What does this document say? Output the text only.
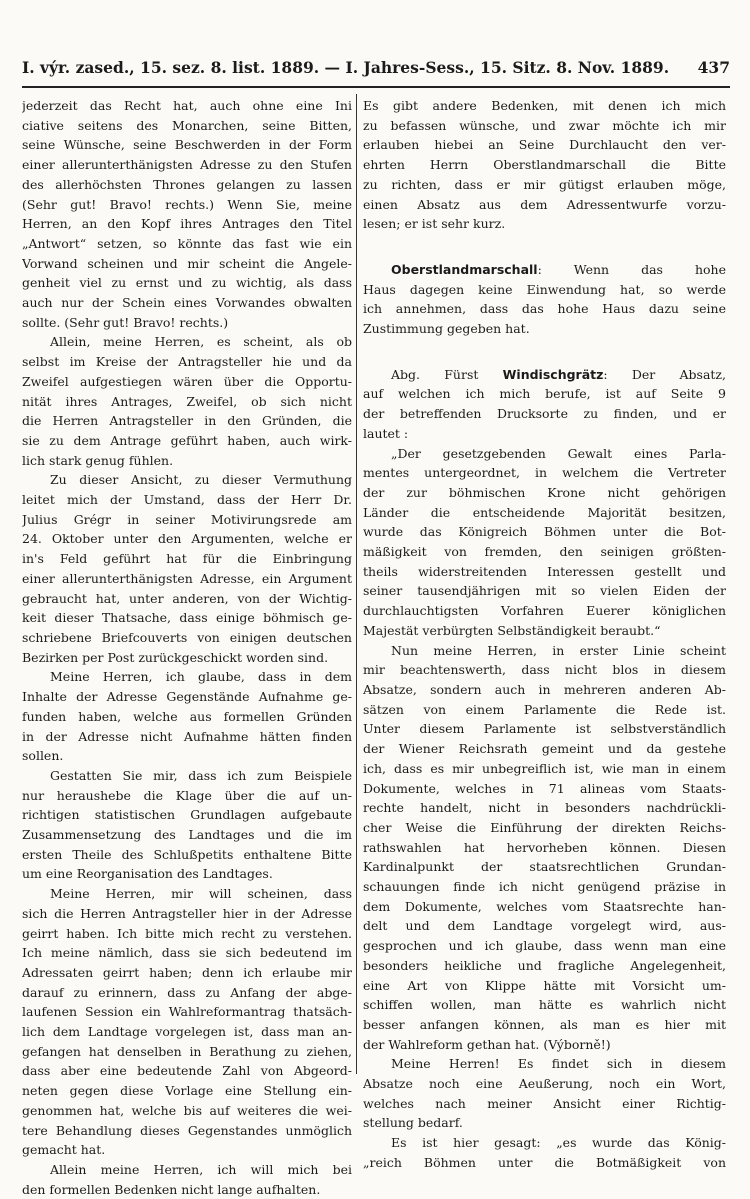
I. výr. zased., 15. sez. 8. list. 1889. — I. Jahres-Sess., 15. Sitz. 8. Nov. 1889. 437
jederzeit das Recht hat, auch ohne eine Ini
ciative seitens des Monarchen, seine Bitten,
seine Wünsche, seine Beschwerden in der Form
einer allerunterthänigsten Adresse zu den Stufen
des allerhöchsten Thrones gelangen zu lassen
(Sehr gut! Bravo! rechts.) Wenn Sie, meine
Herren, an den Kopf ihres Antrages den Titel
„Antwort“ setzen, so könnte das fast wie ein
Vorwand scheinen und mir scheint die Angele-
genheit viel zu ernst und zu wichtig, als dass
auch nur der Schein eines Vorwandes obwalten
sollte. (Sehr gut! Bravo! rechts.)
Allein, meine Herren, es scheint, als ob
selbst im Kreise der Antragsteller hie und da
Zweifel aufgestiegen wären über die Opportu-
nität ihres Antrages, Zweifel, ob sich nicht
die Herren Antragsteller in den Gründen, die
sie zu dem Antrage geführt haben, auch wirk-
lich stark genug fühlen.
Zu dieser Ansicht, zu dieser Vermuthung
leitet mich der Umstand, dass der Herr Dr.
Julius Grégr in seiner Motivirungsrede am
24. Oktober unter den Argumenten, welche er
in's Feld geführt hat für die Einbringung
einer allerunterthänigsten Adresse, ein Argument
gebraucht hat, unter anderen, von der Wichtig-
keit dieser Thatsache, dass einige böhmisch ge-
schriebene Briefcouverts von einigen deutschen
Bezirken per Post zurückgeschickt worden sind.
Meine Herren, ich glaube, dass in dem
Inhalte der Adresse Gegenstände Aufnahme ge-
funden haben, welche aus formellen Gründen
in der Adresse nicht Aufnahme hätten finden
sollen.
Gestatten Sie mir, dass ich zum Beispiele
nur heraushebe die Klage über die auf un-
richtigen statistischen Grundlagen aufgebaute
Zusammensetzung des Landtages und die im
ersten Theile des Schlußpetits enthaltene Bitte
um eine Reorganisation des Landtages.
Meine Herren, mir will scheinen, dass
sich die Herren Antragsteller hier in der Adresse
geirrt haben. Ich bitte mich recht zu verstehen.
Ich meine nämlich, dass sie sich bedeutend im
Adressaten geirrt haben; denn ich erlaube mir
darauf zu erinnern, dass zu Anfang der abge-
laufenen Session ein Wahlreformantrag thatsäch-
lich dem Landtage vorgelegen ist, dass man an-
gefangen hat denselben in Berathung zu ziehen,
dass aber eine bedeutende Zahl von Abgeord-
neten gegen diese Vorlage eine Stellung ein-
genommen hat, welche bis auf weiteres die wei-
tere Behandlung dieses Gegenstandes unmöglich
gemacht hat.
Allein meine Herren, ich will mich bei
den formellen Bedenken nicht lange aufhalten.
Es gibt andere Bedenken, mit denen ich mich
zu befassen wünsche, und zwar möchte ich mir
erlauben hiebei an Seine Durchlaucht den ver-
ehrten Herrn Oberstlandmarschall die Bitte
zu richten, dass er mir gütigst erlauben möge,
einen Absatz aus dem Adressentwurfe vorzu-
lesen; er ist sehr kurz.
Oberstlandmarschall: Wenn das hohe
Haus dagegen keine Einwendung hat, so werde
ich annehmen, dass das hohe Haus dazu seine
Zustimmung gegeben hat.
Abg. Fürst Windischgrätz: Der Absatz,
auf welchen ich mich berufe, ist auf Seite 9
der betreffenden Drucksorte zu finden, und er
lautet :
„Der gesetzgebenden Gewalt eines Parla-
mentes untergeordnet, in welchem die Vertreter
der zur böhmischen Krone nicht gehörigen
Länder die entscheidende Majorität besitzen,
wurde das Königreich Böhmen unter die Bot-
mäßigkeit von fremden, den seinigen größten-
theils widerstreitenden Interessen gestellt und
seiner tausendjährigen mit so vielen Eiden der
durchlauchtigsten Vorfahren Euerer königlichen
Majestät verbürgten Selbständigkeit beraubt.“
Nun meine Herren, in erster Linie scheint
mir beachtenswerth, dass nicht blos in diesem
Absatze, sondern auch in mehreren anderen Ab-
sätzen von einem Parlamente die Rede ist.
Unter diesem Parlamente ist selbstverständlich
der Wiener Reichsrath gemeint und da gestehe
ich, dass es mir unbegreiflich ist, wie man in einem
Dokumente, welches in 71 alineas vom Staats-
rechte handelt, nicht in besonders nachdrückli-
cher Weise die Einführung der direkten Reichs-
rathswahlen hat hervorheben können. Diesen
Kardinalpunkt der staatsrechtlichen Grundan-
schauungen finde ich nicht genügend präzise in
dem Dokumente, welches vom Staatsrechte han-
delt und dem Landtage vorgelegt wird, aus-
gesprochen und ich glaube, dass wenn man eine
besonders heikliche und fragliche Angelegenheit,
eine Art von Klippe hätte mit Vorsicht um-
schiffen wollen, man hätte es wahrlich nicht
besser anfangen können, als man es hier mit
der Wahlreform gethan hat. (Výborně!)
Meine Herren! Es findet sich in diesem
Absatze noch eine Aeußerung, noch ein Wort,
welches nach meiner Ansicht einer Richtig-
stellung bedarf.
Es ist hier gesagt: „es wurde das König-
„reich Böhmen unter die Botmäßigkeit von
